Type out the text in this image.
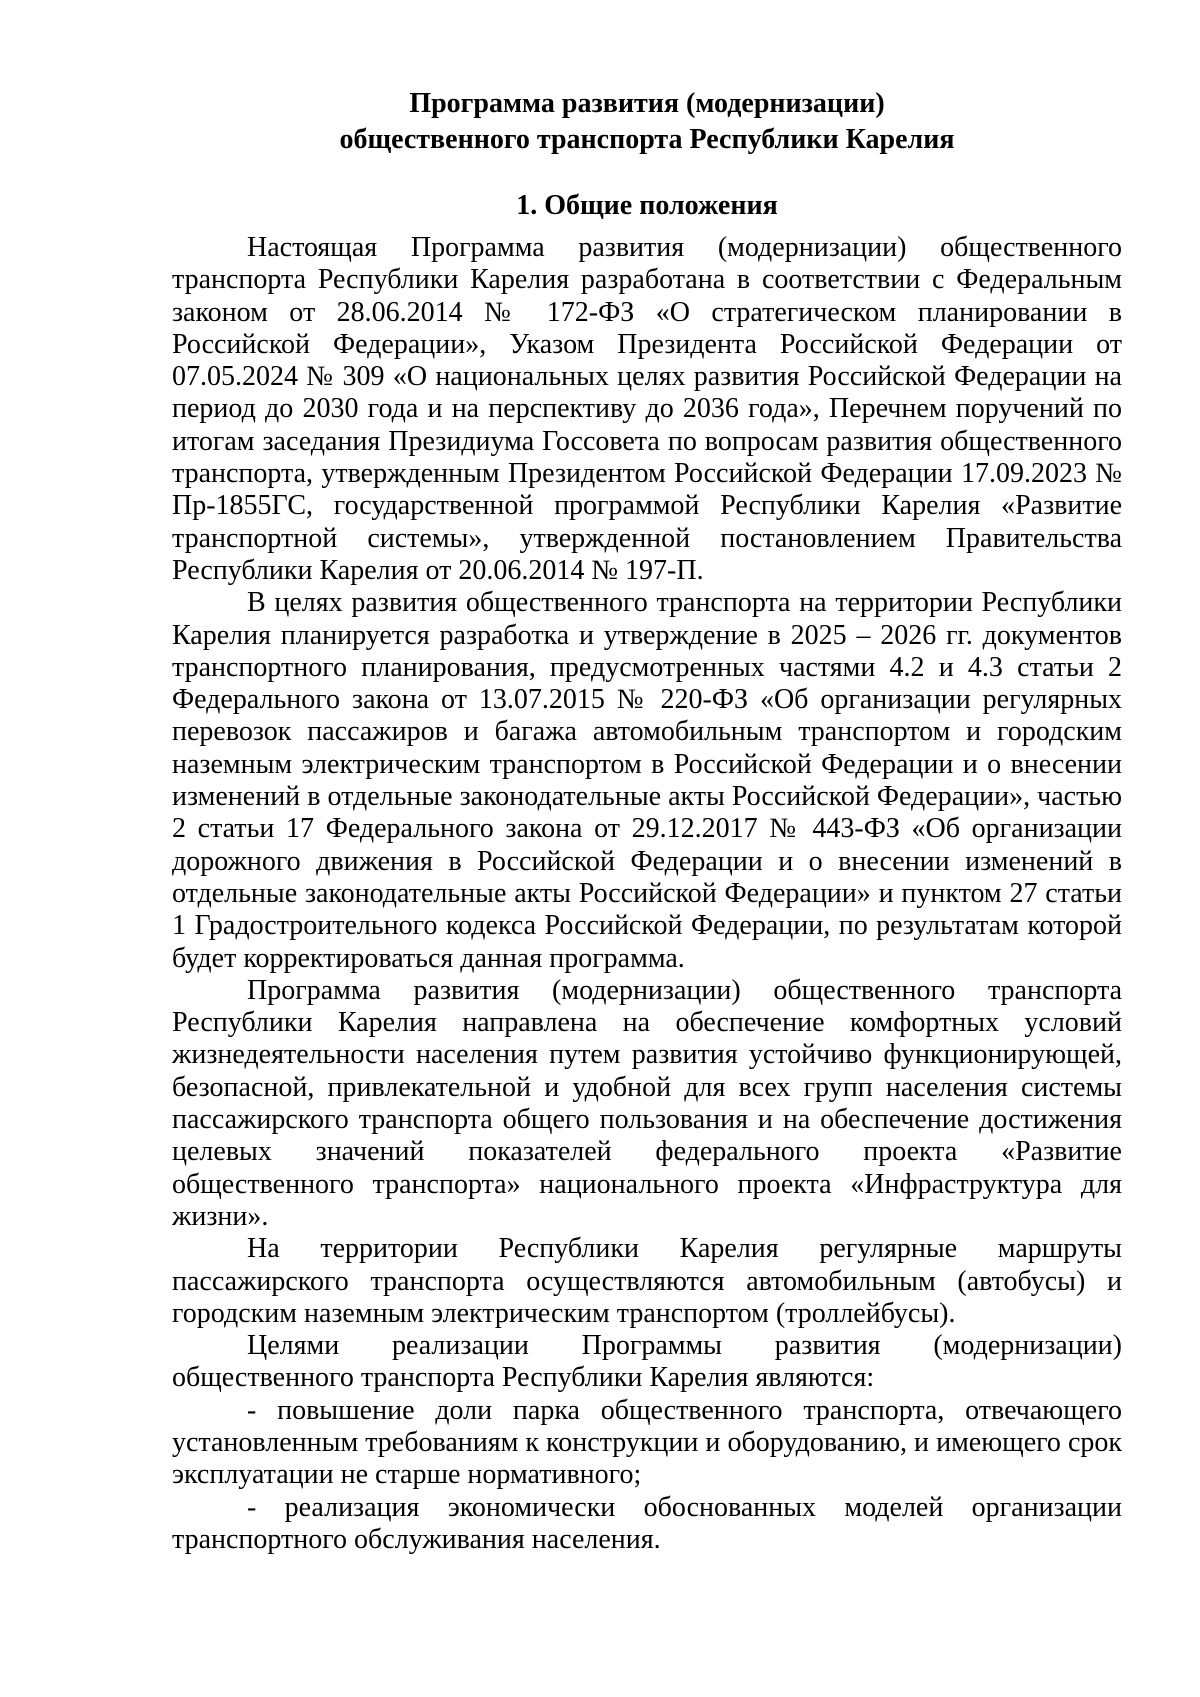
Программа развития (модернизации)

общественного транспорта Республики Карелия

1. Общие положения

Настоящая Программа развития (модернизации) общественного транспорта Республики Карелия разработана в соответствии с Федеральным законом от 28.06.2014 № 172-ФЗ «О стратегическом планировании в Российской Федерации», Указом Президента Российской Федерации от 07.05.2024 № 309 «О национальных целях развития Российской Федерации на период до 2030 года и на перспективу до 2036 года», Перечнем поручений по итогам заседания Президиума Госсовета по вопросам развития общественного транспорта, утвержденным Президентом Российской Федерации 17.09.2023 № Пр-1855ГС, государственной программой Республики Карелия «Развитие транспортной системы», утвержденной постановлением Правительства Республики Карелия от 20.06.2014 № 197-П.

В целях развития общественного транспорта на территории Республики Карелия планируется разработка и утверждение в 2025 – 2026 гг. документов транспортного планирования, предусмотренных частями 4.2 и 4.3 статьи 2 Федерального закона от 13.07.2015 № 220-ФЗ «Об организации регулярных перевозок пассажиров и багажа автомобильным транспортом и городским наземным электрическим транспортом в Российской Федерации и о внесении изменений в отдельные законодательные акты Российской Федерации», частью 2 статьи 17 Федерального закона от 29.12.2017 № 443-ФЗ «Об организации дорожного движения в Российской Федерации и о внесении изменений в отдельные законодательные акты Российской Федерации» и пунктом 27 статьи 1 Градостроительного кодекса Российской Федерации, по результатам которой будет корректироваться данная программа.

Программа развития (модернизации) общественного транспорта Республики Карелия направлена на обеспечение комфортных условий жизнедеятельности населения путем развития устойчиво функционирующей, безопасной, привлекательной и удобной для всех групп населения системы пассажирского транспорта общего пользования и на обеспечение достижения целевых значений показателей федерального проекта «Развитие общественного транспорта» национального проекта «Инфраструктура для жизни».

На территории Республики Карелия регулярные маршруты пассажирского транспорта осуществляются автомобильным (автобусы) и городским наземным электрическим транспортом (троллейбусы).

Целями реализации Программы развития (модернизации) общественного транспорта Республики Карелия являются:

- повышение доли парка общественного транспорта, отвечающего установленным требованиям к конструкции и оборудованию, и имеющего срок эксплуатации не старше нормативного;

- реализация экономически обоснованных моделей организации транспортного обслуживания населения.
